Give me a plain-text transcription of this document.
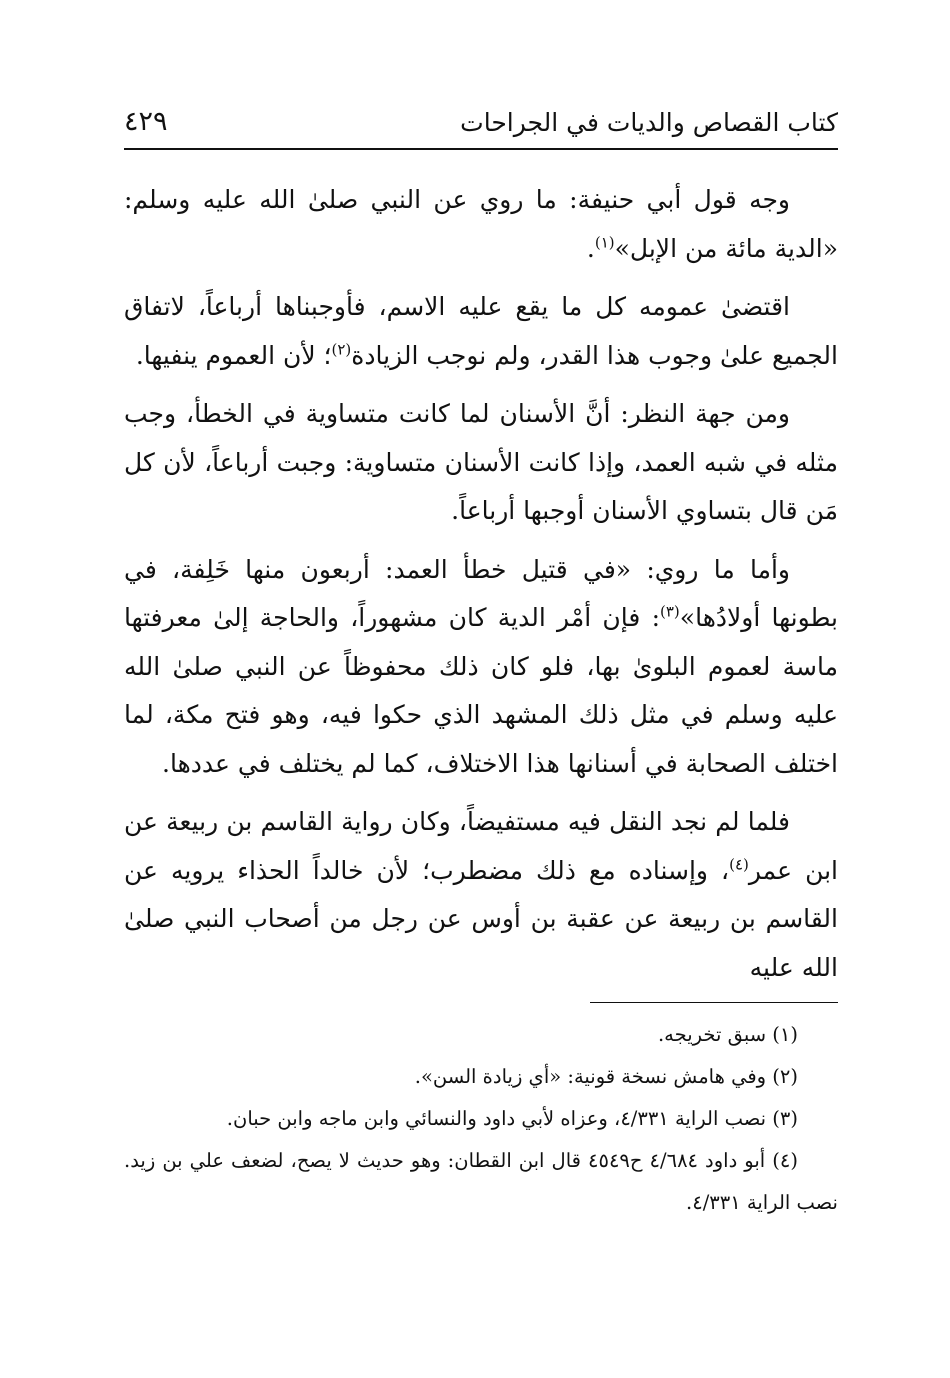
كتاب القصاص والديات في الجراحات
٤٢٩

وجه قول أبي حنيفة: ما روي عن النبي صلىٰ الله عليه وسلم: «الدية مائة من الإبل»$^{(١)}$.

اقتضىٰ عمومه كل ما يقع عليه الاسم، فأوجبناها أرباعاً، لاتفاق الجميع علىٰ وجوب هذا القدر، ولم نوجب الزيادة$^{(٢)}$؛ لأن العموم ينفيها.

ومن جهة النظر: أنَّ الأسنان لما كانت متساوية في الخطأ، وجب مثله في شبه العمد، وإذا كانت الأسنان متساوية: وجبت أرباعاً، لأن كل مَن قال بتساوي الأسنان أوجبها أرباعاً.

وأما ما روي: «في قتيل خطأ العمد: أربعون منها خَلِفة، في بطونها أولادُها»$^{(٣)}$: فإن أمْر الدية كان مشهوراً، والحاجة إلىٰ معرفتها ماسة لعموم البلوىٰ بها، فلو كان ذلك محفوظاً عن النبي صلىٰ الله عليه وسلم في مثل ذلك المشهد الذي حكوا فيه، وهو فتح مكة، لما اختلف الصحابة في أسنانها هذا الاختلاف، كما لم يختلف في عددها.

فلما لم نجد النقل فيه مستفيضاً، وكان رواية القاسم بن ربيعة عن ابن عمر$^{(٤)}$، وإسناده مع ذلك مضطرب؛ لأن خالداً الحذاء يرويه عن القاسم بن ربيعة عن عقبة بن أوس عن رجل من أصحاب النبي صلىٰ الله عليه

(١) سبق تخريجه.

(٢) وفي هامش نسخة قونية: «أي زيادة السن».

(٣) نصب الراية ٤/٣٣١، وعزاه لأبي داود والنسائي وابن ماجه وابن حبان.

(٤) أبو داود ٤/٦٨٤ ح٤٥٤٩ قال ابن القطان: وهو حديث لا يصح، لضعف علي بن زيد. نصب الراية ٤/٣٣١.
